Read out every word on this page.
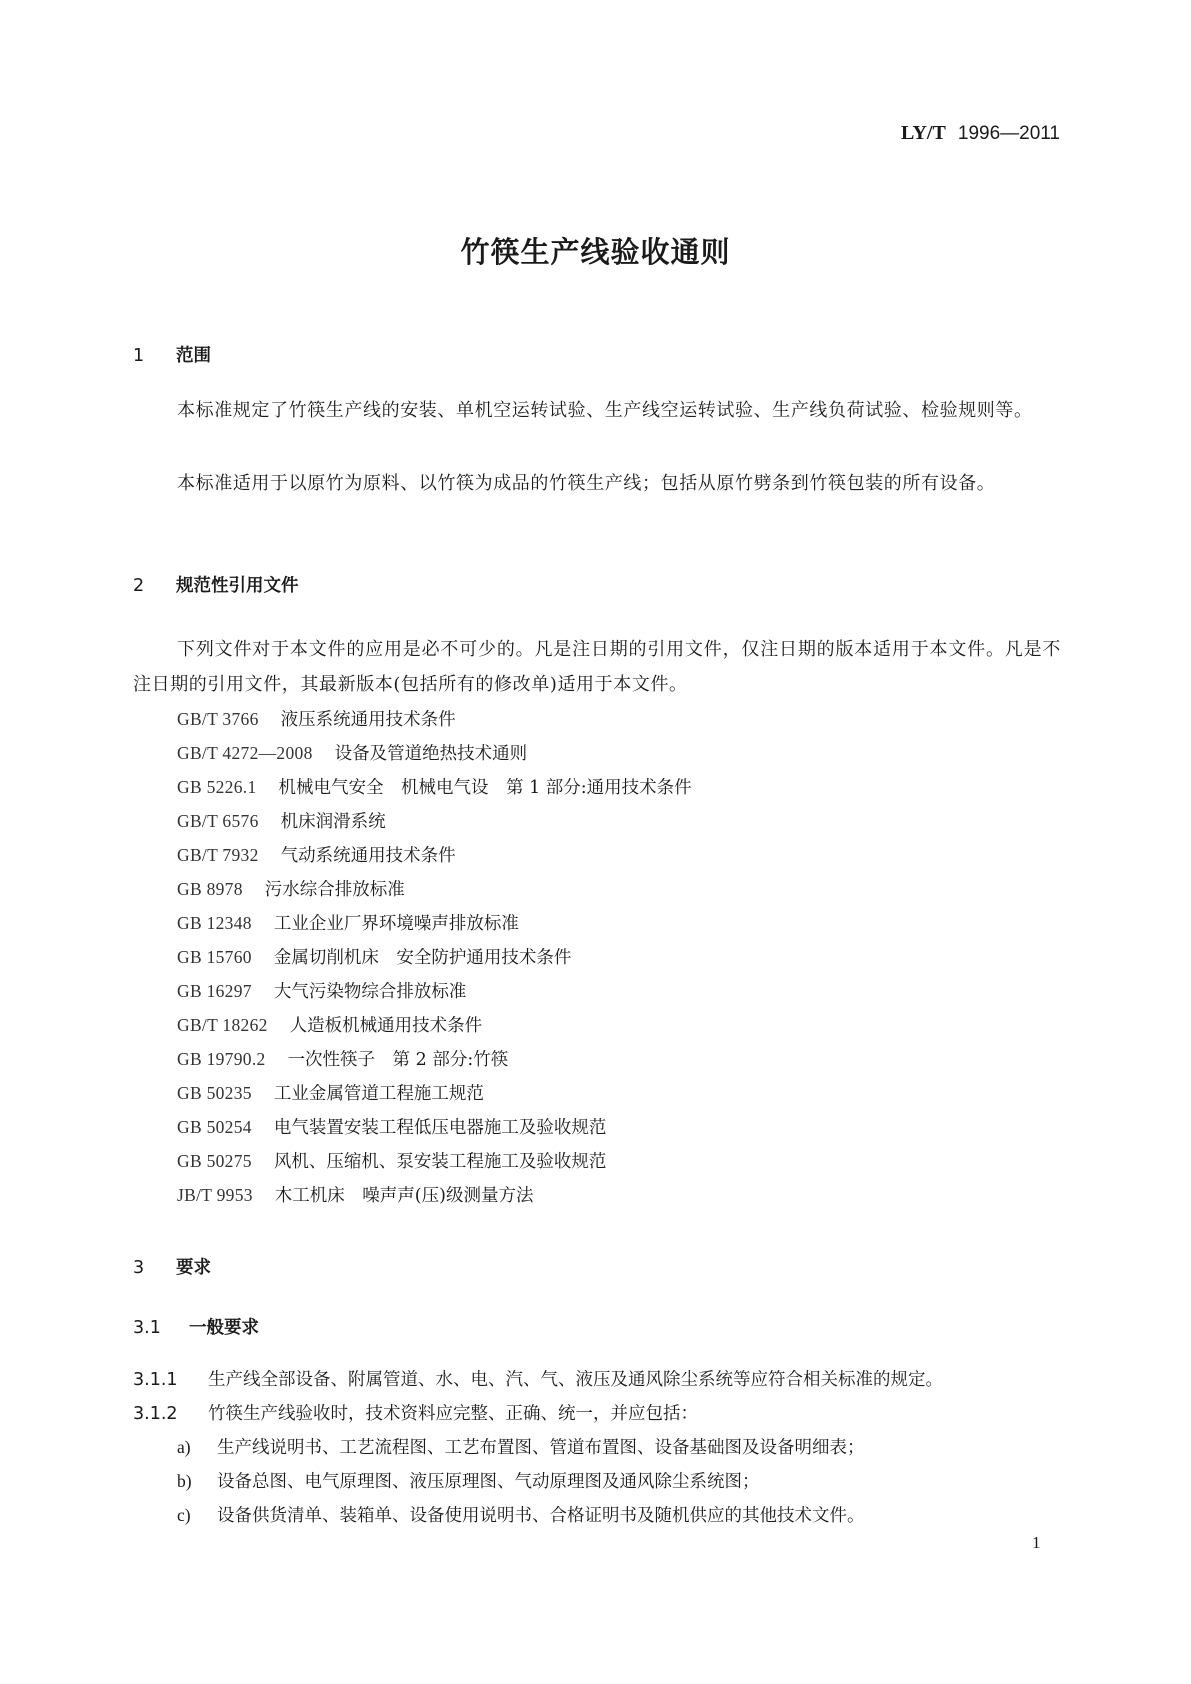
LY/T 1996—2011
竹筷生产线验收通则
1 范围
本标准规定了竹筷生产线的安装、单机空运转试验、生产线空运转试验、生产线负荷试验、检验规则等。
本标准适用于以原竹为原料、以竹筷为成品的竹筷生产线；包括从原竹劈条到竹筷包装的所有设备。
2 规范性引用文件
下列文件对于本文件的应用是必不可少的。凡是注日期的引用文件，仅注日期的版本适用于本文件。凡是不注日期的引用文件，其最新版本(包括所有的修改单)适用于本文件。
GB/T 3766 液压系统通用技术条件
GB/T 4272—2008 设备及管道绝热技术通则
GB 5226.1 机械电气安全　机械电气设　第 1 部分:通用技术条件
GB/T 6576 机床润滑系统
GB/T 7932 气动系统通用技术条件
GB 8978 污水综合排放标准
GB 12348 工业企业厂界环境噪声排放标准
GB 15760 金属切削机床　安全防护通用技术条件
GB 16297 大气污染物综合排放标准
GB/T 18262 人造板机械通用技术条件
GB 19790.2 一次性筷子　第 2 部分:竹筷
GB 50235 工业金属管道工程施工规范
GB 50254 电气装置安装工程低压电器施工及验收规范
GB 50275 风机、压缩机、泵安装工程施工及验收规范
JB/T 9953 木工机床　噪声声(压)级测量方法
3 要求
3.1 一般要求
3.1.1 生产线全部设备、附属管道、水、电、汽、气、液压及通风除尘系统等应符合相关标准的规定。
3.1.2 竹筷生产线验收时，技术资料应完整、正确、统一，并应包括：
a) 生产线说明书、工艺流程图、工艺布置图、管道布置图、设备基础图及设备明细表；
b) 设备总图、电气原理图、液压原理图、气动原理图及通风除尘系统图；
c) 设备供货清单、装箱单、设备使用说明书、合格证明书及随机供应的其他技术文件。
1
